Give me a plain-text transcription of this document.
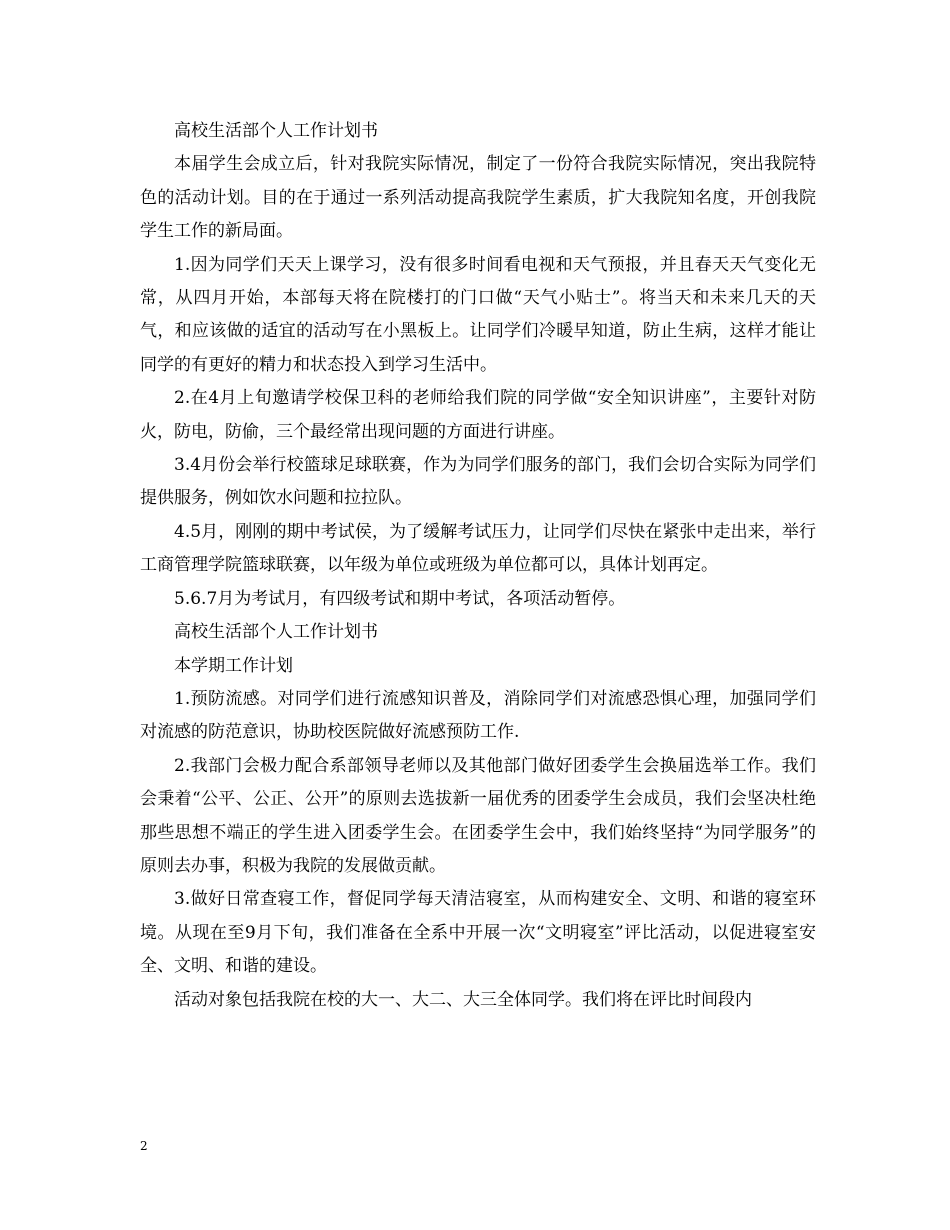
高校生活部个人工作计划书

本届学生会成立后，针对我院实际情况，制定了一份符合我院实际情况，突出我院特色的活动计划。目的在于通过一系列活动提高我院学生素质，扩大我院知名度，开创我院学生工作的新局面。

1.因为同学们天天上课学习，没有很多时间看电视和天气预报，并且春天天气变化无常，从四月开始，本部每天将在院楼打的门口做“天气小贴士”。将当天和未来几天的天气，和应该做的适宜的活动写在小黑板上。让同学们冷暖早知道，防止生病，这样才能让同学的有更好的精力和状态投入到学习生活中。

2.在4月上旬邀请学校保卫科的老师给我们院的同学做“安全知识讲座”，主要针对防火，防电，防偷，三个最经常出现问题的方面进行讲座。

3.4月份会举行校篮球足球联赛，作为为同学们服务的部门，我们会切合实际为同学们提供服务，例如饮水问题和拉拉队。

4.5月，刚刚的期中考试侯，为了缓解考试压力，让同学们尽快在紧张中走出来，举行工商管理学院篮球联赛，以年级为单位或班级为单位都可以，具体计划再定。

5.6.7月为考试月，有四级考试和期中考试，各项活动暂停。

高校生活部个人工作计划书

本学期工作计划

1.预防流感。对同学们进行流感知识普及，消除同学们对流感恐惧心理，加强同学们对流感的防范意识，协助校医院做好流感预防工作.

2.我部门会极力配合系部领导老师以及其他部门做好团委学生会换届选举工作。我们会秉着“公平、公正、公开”的原则去选拔新一届优秀的团委学生会成员，我们会坚决杜绝那些思想不端正的学生进入团委学生会。在团委学生会中，我们始终坚持“为同学服务”的原则去办事，积极为我院的发展做贡献。

3.做好日常查寝工作，督促同学每天清洁寝室，从而构建安全、文明、和谐的寝室环境。从现在至9月下旬，我们准备在全系中开展一次“文明寝室”评比活动，以促进寝室安全、文明、和谐的建设。

活动对象包括我院在校的大一、大二、大三全体同学。我们将在评比时间段内

2
